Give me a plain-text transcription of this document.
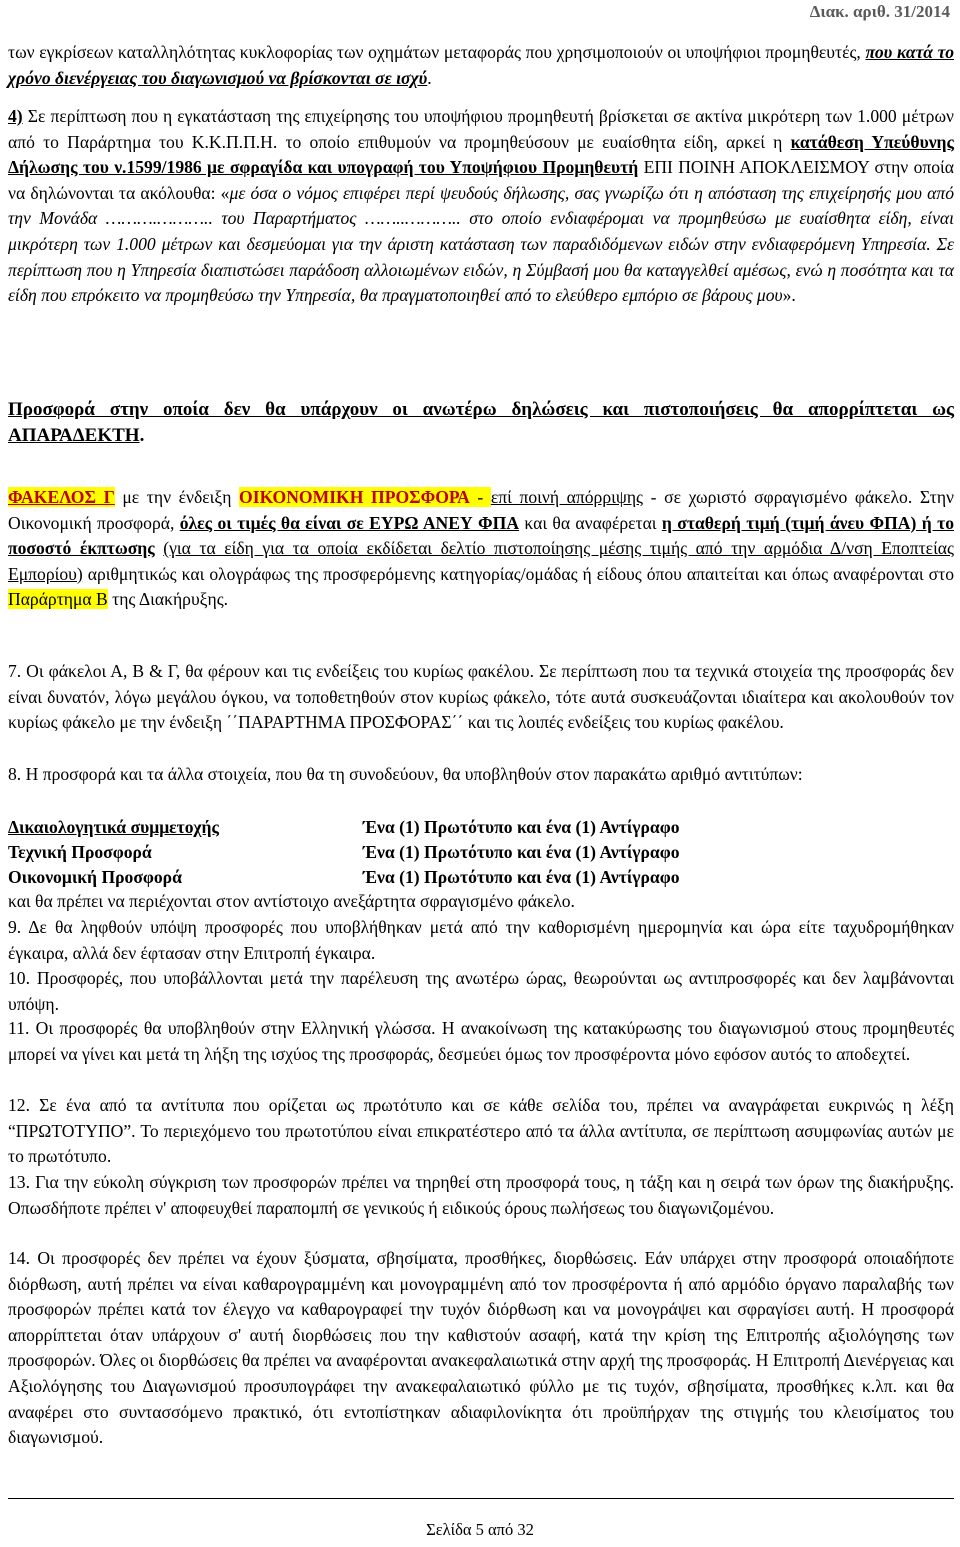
Διακ. αριθ. 31/2014

των εγκρίσεων καταλληλότητας κυκλοφορίας των οχημάτων μεταφοράς που χρησιμοποιούν οι υποψήφιοι προμηθευτές, που κατά το χρόνο διενέργειας του διαγωνισμού να βρίσκονται σε ισχύ.

4) Σε περίπτωση που η εγκατάσταση της επιχείρησης του υποψήφιου προμηθευτή βρίσκεται σε ακτίνα μικρότερη των 1.000 μέτρων από το Παράρτημα του Κ.Κ.Π.Π.Η. το οποίο επιθυμούν να προμηθεύσουν με ευαίσθητα είδη, αρκεί η κατάθεση Υπεύθυνης Δήλωσης του ν.1599/1986 με σφραγίδα και υπογραφή του Υποψήφιου Προμηθευτή ΕΠΙ ΠΟΙΝΗ ΑΠΟΚΛΕΙΣΜΟΥ στην οποία να δηλώνονται τα ακόλουθα: «με όσα ο νόμος επιφέρει περί ψευδούς δήλωσης, σας γνωρίζω ότι η απόσταση της επιχείρησής μου από την Μονάδα ……….……….. του Παραρτήματος ……..……….. στο οποίο ενδιαφέρομαι να προμηθεύσω με ευαίσθητα είδη, είναι μικρότερη των 1.000 μέτρων και δεσμεύομαι για την άριστη κατάσταση των παραδιδόμενων ειδών στην ενδιαφερόμενη Υπηρεσία. Σε περίπτωση που η Υπηρεσία διαπιστώσει παράδοση αλλοιωμένων ειδών, η Σύμβασή μου θα καταγγελθεί αμέσως, ενώ η ποσότητα και τα είδη που επρόκειτο να προμηθεύσω την Υπηρεσία, θα πραγματοποιηθεί από το ελεύθερο εμπόριο σε βάρους μου».

Προσφορά στην οποία δεν θα υπάρχουν οι ανωτέρω δηλώσεις και πιστοποιήσεις θα απορρίπτεται ως ΑΠΑΡΑΔΕΚΤΗ.

ΦΑΚΕΛΟΣ Γ με την ένδειξη ΟΙΚΟΝΟΜΙΚΗ ΠΡΟΣΦΟΡΑ - επί ποινή απόρριψης - σε χωριστό σφραγισμένο φάκελο. Στην Οικονομική προσφορά, όλες οι τιμές θα είναι σε ΕΥΡΩ ΑΝΕΥ ΦΠΑ και θα αναφέρεται η σταθερή τιμή (τιμή άνευ ΦΠΑ) ή το ποσοστό έκπτωσης (για τα είδη για τα οποία εκδίδεται δελτίο πιστοποίησης μέσης τιμής από την αρμόδια Δ/νση Εποπτείας Εμπορίου) αριθμητικώς και ολογράφως της προσφερόμενης κατηγορίας/ομάδας ή είδους όπου απαιτείται και όπως αναφέρονται στο Παράρτημα Β της Διακήρυξης.

7. Οι φάκελοι Α, Β & Γ, θα φέρουν και τις ενδείξεις του κυρίως φακέλου. Σε περίπτωση που τα τεχνικά στοιχεία της προσφοράς δεν είναι δυνατόν, λόγω μεγάλου όγκου, να τοποθετηθούν στον κυρίως φάκελο, τότε αυτά συσκευάζονται ιδιαίτερα και ακολουθούν τον κυρίως φάκελο με την ένδειξη ΄΄ΠΑΡΑΡΤΗΜΑ ΠΡΟΣΦΟΡΑΣ΄΄ και τις λοιπές ενδείξεις του κυρίως φακέλου.

8. Η προσφορά και τα άλλα στοιχεία, που θα τη συνοδεύουν, θα υποβληθούν στον παρακάτω αριθμό αντιτύπων:

Δικαιολογητικά συμμετοχής	Ένα (1) Πρωτότυπο και ένα (1) Αντίγραφο
Τεχνική Προσφορά	Ένα (1) Πρωτότυπο και ένα (1) Αντίγραφο
Οικονομική Προσφορά	Ένα (1) Πρωτότυπο και ένα (1) Αντίγραφο

και θα πρέπει να περιέχονται στον αντίστοιχο ανεξάρτητα σφραγισμένο φάκελο.

9. Δε θα ληφθούν υπόψη προσφορές που υποβλήθηκαν μετά από την καθορισμένη ημερομηνία και ώρα είτε ταχυδρομήθηκαν έγκαιρα, αλλά δεν έφτασαν στην Επιτροπή έγκαιρα.

10. Προσφορές, που υποβάλλονται μετά την παρέλευση της ανωτέρω ώρας, θεωρούνται ως αντιπροσφορές και δεν λαμβάνονται υπόψη.

11. Οι προσφορές θα υποβληθούν στην Ελληνική γλώσσα. Η ανακοίνωση της κατακύρωσης του διαγωνισμού στους προμηθευτές μπορεί να γίνει και μετά τη λήξη της ισχύος της προσφοράς, δεσμεύει όμως τον προσφέροντα μόνο εφόσον αυτός το αποδεχτεί.

12. Σε ένα από τα αντίτυπα που ορίζεται ως πρωτότυπο και σε κάθε σελίδα του, πρέπει να αναγράφεται ευκρινώς η λέξη “ΠΡΩΤΟΤΥΠΟ”. Το περιεχόμενο του πρωτοτύπου είναι επικρατέστερο από τα άλλα αντίτυπα, σε περίπτωση ασυμφωνίας αυτών με το πρωτότυπο.

13. Για την εύκολη σύγκριση των προσφορών πρέπει να τηρηθεί στη προσφορά τους, η τάξη και η σειρά των όρων της διακήρυξης. Οπωσδήποτε πρέπει ν' αποφευχθεί παραπομπή σε γενικούς ή ειδικούς όρους πωλήσεως του διαγωνιζομένου.

14. Οι προσφορές δεν πρέπει να έχουν ξύσματα, σβησίματα, προσθήκες, διορθώσεις. Εάν υπάρχει στην προσφορά οποιαδήποτε διόρθωση, αυτή πρέπει να είναι καθαρογραμμένη και μονογραμμένη από τον προσφέροντα ή από αρμόδιο όργανο παραλαβής των προσφορών πρέπει κατά τον έλεγχο να καθαρογραφεί την τυχόν διόρθωση και να μονογράψει και σφραγίσει αυτή. Η προσφορά απορρίπτεται όταν υπάρχουν σ' αυτή διορθώσεις που την καθιστούν ασαφή, κατά την κρίση της Επιτροπής αξιολόγησης των προσφορών. Όλες οι διορθώσεις θα πρέπει να αναφέρονται ανακεφαλαιωτικά στην αρχή της προσφοράς. Η Επιτροπή Διενέργειας και Αξιολόγησης του Διαγωνισμού προσυπογράφει την ανακεφαλαιωτικό φύλλο με τις τυχόν, σβησίματα, προσθήκες κ.λπ. και θα αναφέρει στο συντασσόμενο πρακτικό, ότι εντοπίστηκαν αδιαφιλονίκητα ότι προϋπήρχαν της στιγμής του κλεισίματος του διαγωνισμού.

Σελίδα 5 από 32
